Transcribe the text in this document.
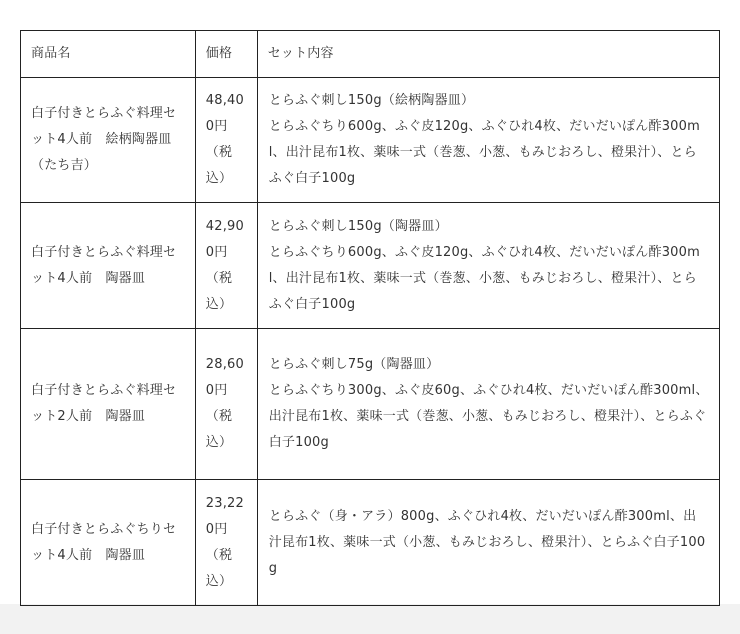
商品名	価格	セット内容
白子付きとらふぐ料理セット4人前　絵柄陶器皿（たち吉）	48,400円（税込）	とらふぐ刺し150g（絵柄陶器皿）
とらふぐちり600g、ふぐ皮120g、ふぐひれ4枚、だいだいぽん酢300ml、出汁昆布1枚、薬味一式（巻葱、小葱、もみじおろし、橙果汁）、とらふぐ白子100g

白子付きとらふぐ料理セット4人前　陶器皿	42,900円（税込）	とらふぐ刺し150g（陶器皿）
とらふぐちり600g、ふぐ皮120g、ふぐひれ4枚、だいだいぽん酢300ml、出汁昆布1枚、薬味一式（巻葱、小葱、もみじおろし、橙果汁）、とらふぐ白子100g

白子付きとらふぐ料理セット2人前　陶器皿	28,600円（税込）	とらふぐ刺し75g（陶器皿）
とらふぐちり300g、ふぐ皮60g、ふぐひれ4枚、だいだいぽん酢300ml、出汁昆布1枚、薬味一式（巻葱、小葱、もみじおろし、橙果汁）、とらふぐ白子100g

白子付きとらふぐちりセット4人前　陶器皿	23,220円（税込）	とらふぐ（身・アラ）800g、ふぐひれ4枚、だいだいぽん酢300ml、出汁昆布1枚、薬味一式（小葱、もみじおろし、橙果汁）、とらふぐ白子100g
